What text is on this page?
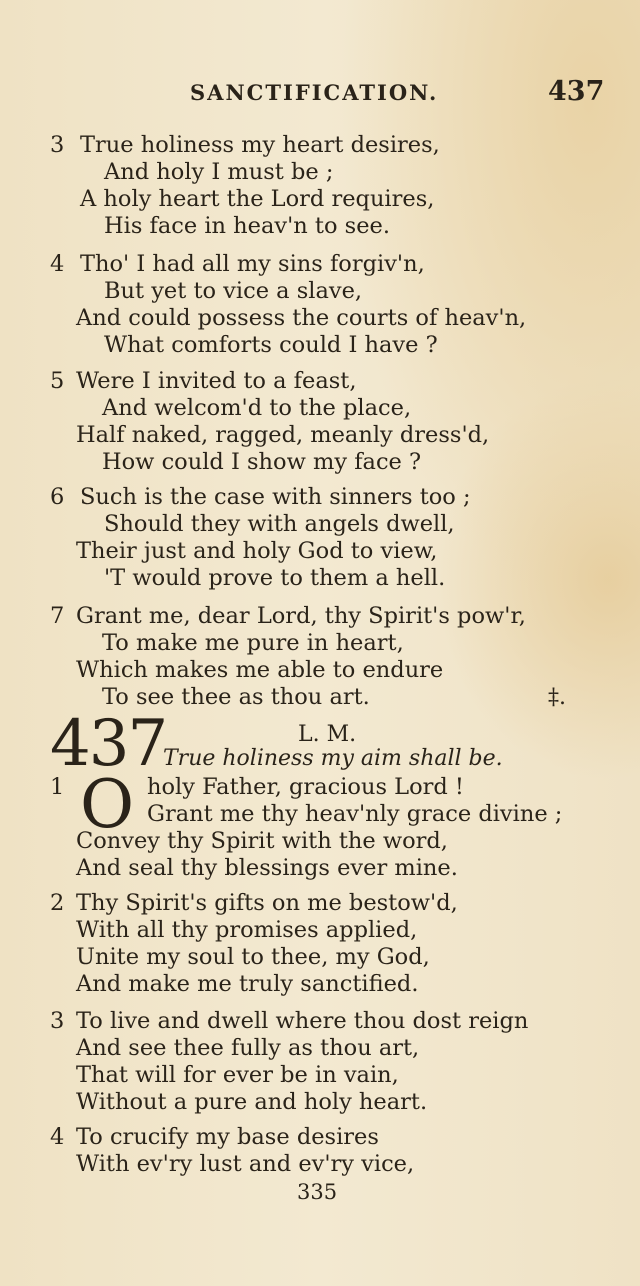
SANCTIFICATION.	437
3 True holiness my heart desires,
And holy I must be ;
A holy heart the Lord requires,
His face in heav'n to see.
4 Tho' I had all my sins forgiv'n,
But yet to vice a slave,
And could possess the courts of heav'n,
What comforts could I have ?
5 Were I invited to a feast,
And welcom'd to the place,
Half naked, ragged, meanly dress'd,
How could I show my face ?
6 Such is the case with sinners too ;
Should they with angels dwell,
Their just and holy God to view,
'T would prove to them a hell.
7 Grant me, dear Lord, thy Spirit's pow'r,
To make me pure in heart,
Which makes me able to endure
To see thee as thou art.	‡.
437	L. M.
True holiness my aim shall be.
O
1	holy Father, gracious Lord !
Grant me thy heav'nly grace divine ;
Convey thy Spirit with the word,
And seal thy blessings ever mine.
2 Thy Spirit's gifts on me bestow'd,
With all thy promises applied,
Unite my soul to thee, my God,
And make me truly sanctified.
3 To live and dwell where thou dost reign
And see thee fully as thou art,
That will for ever be in vain,
Without a pure and holy heart.
4 To crucify my base desires
With ev'ry lust and ev'ry vice,
335
